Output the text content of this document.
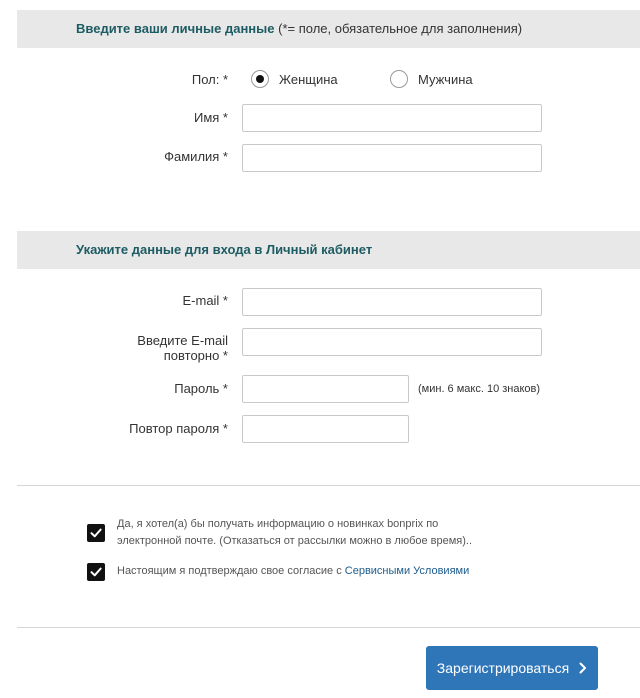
Введите ваши личные данные (*= поле, обязательное для заполнения)
Пол: *	Женщина	Мужчина
Имя *
Фамилия *
Укажите данные для входа в Личный кабинет
E-mail *
Введите E-mail
повторно *
Пароль *	(мин. 6 макс. 10 знаков)
Повтор пароля *
Да, я хотел(а) бы получать информацию о новинках bonprix по
электронной почте. (Отказаться от рассылки можно в любое время)..
Настоящим я подтверждаю свое согласие с Сервисными Условиями
Зарегистрироваться
